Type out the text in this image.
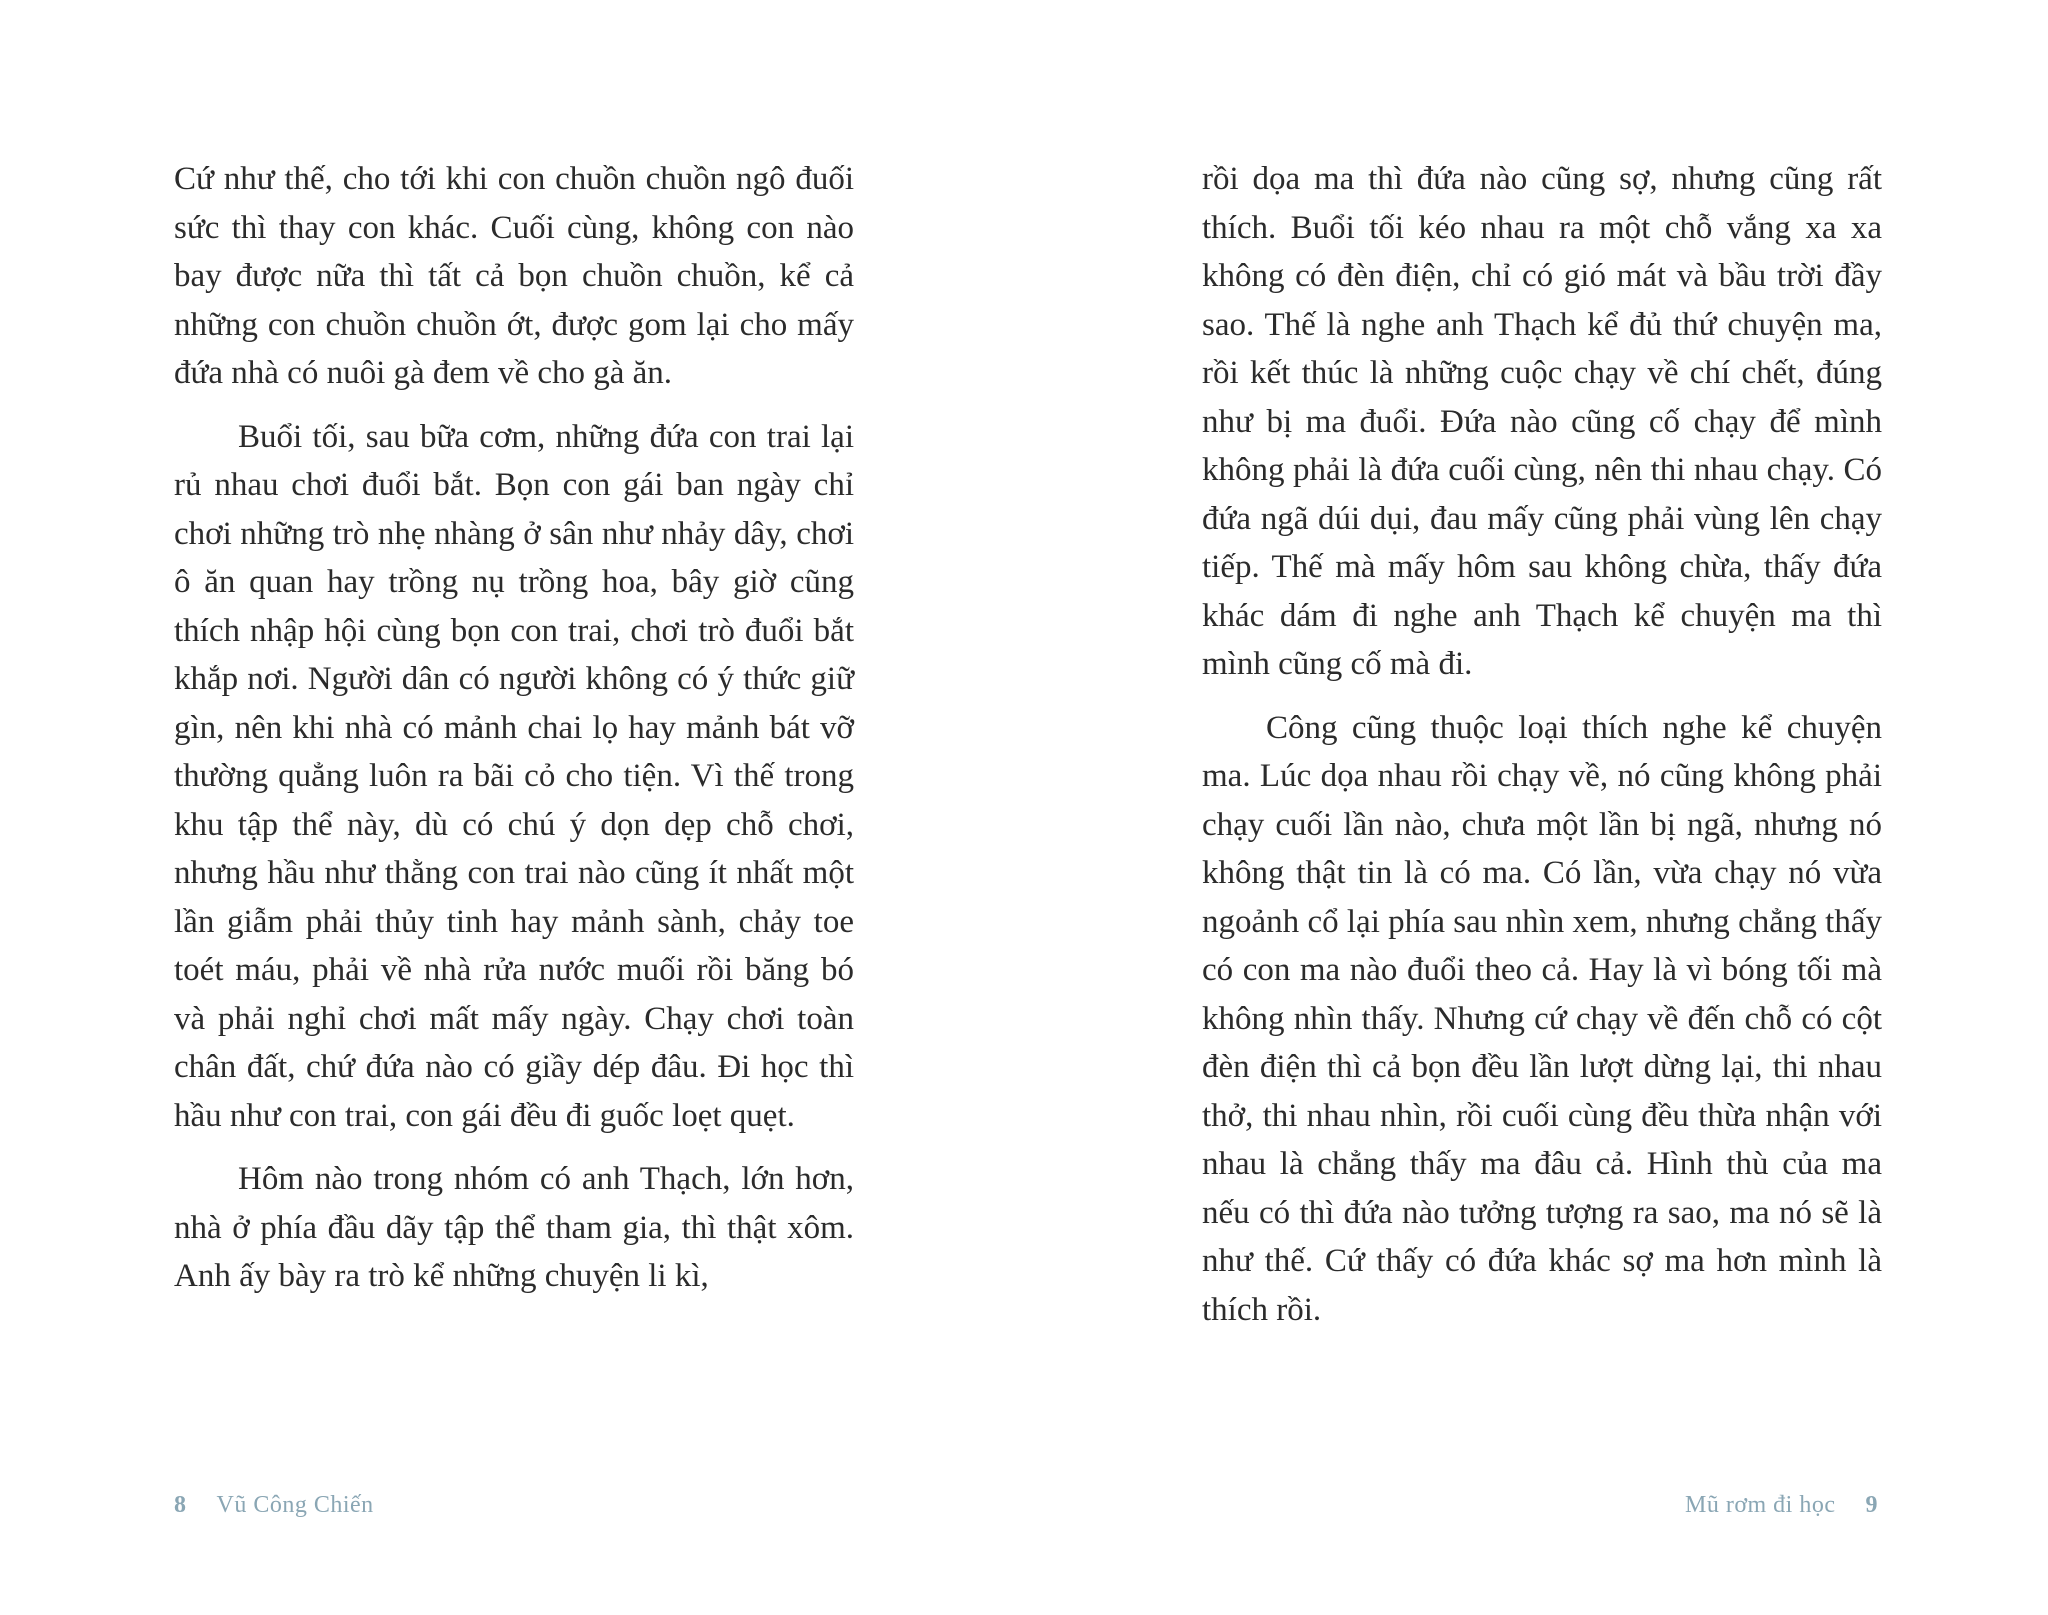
Cứ như thế, cho tới khi con chuồn chuồn ngô đuối sức thì thay con khác. Cuối cùng, không con nào bay được nữa thì tất cả bọn chuồn chuồn, kể cả những con chuồn chuồn ớt, được gom lại cho mấy đứa nhà có nuôi gà đem về cho gà ăn.

Buổi tối, sau bữa cơm, những đứa con trai lại rủ nhau chơi đuổi bắt. Bọn con gái ban ngày chỉ chơi những trò nhẹ nhàng ở sân như nhảy dây, chơi ô ăn quan hay trồng nụ trồng hoa, bây giờ cũng thích nhập hội cùng bọn con trai, chơi trò đuổi bắt khắp nơi. Người dân có người không có ý thức giữ gìn, nên khi nhà có mảnh chai lọ hay mảnh bát vỡ thường quẳng luôn ra bãi cỏ cho tiện. Vì thế trong khu tập thể này, dù có chú ý dọn dẹp chỗ chơi, nhưng hầu như thằng con trai nào cũng ít nhất một lần giẫm phải thủy tinh hay mảnh sành, chảy toe toét máu, phải về nhà rửa nước muối rồi băng bó và phải nghỉ chơi mất mấy ngày. Chạy chơi toàn chân đất, chứ đứa nào có giầy dép đâu. Đi học thì hầu như con trai, con gái đều đi guốc loẹt quẹt.

Hôm nào trong nhóm có anh Thạch, lớn hơn, nhà ở phía đầu dãy tập thể tham gia, thì thật xôm. Anh ấy bày ra trò kể những chuyện li kì,

8 Vũ Công Chiến

rồi dọa ma thì đứa nào cũng sợ, nhưng cũng rất thích. Buổi tối kéo nhau ra một chỗ vắng xa xa không có đèn điện, chỉ có gió mát và bầu trời đầy sao. Thế là nghe anh Thạch kể đủ thứ chuyện ma, rồi kết thúc là những cuộc chạy về chí chết, đúng như bị ma đuổi. Đứa nào cũng cố chạy để mình không phải là đứa cuối cùng, nên thi nhau chạy. Có đứa ngã dúi dụi, đau mấy cũng phải vùng lên chạy tiếp. Thế mà mấy hôm sau không chừa, thấy đứa khác dám đi nghe anh Thạch kể chuyện ma thì mình cũng cố mà đi.

Công cũng thuộc loại thích nghe kể chuyện ma. Lúc dọa nhau rồi chạy về, nó cũng không phải chạy cuối lần nào, chưa một lần bị ngã, nhưng nó không thật tin là có ma. Có lần, vừa chạy nó vừa ngoảnh cổ lại phía sau nhìn xem, nhưng chẳng thấy có con ma nào đuổi theo cả. Hay là vì bóng tối mà không nhìn thấy. Nhưng cứ chạy về đến chỗ có cột đèn điện thì cả bọn đều lần lượt dừng lại, thi nhau thở, thi nhau nhìn, rồi cuối cùng đều thừa nhận với nhau là chẳng thấy ma đâu cả. Hình thù của ma nếu có thì đứa nào tưởng tượng ra sao, ma nó sẽ là như thế. Cứ thấy có đứa khác sợ ma hơn mình là thích rồi.

Mũ rơm đi học 9
